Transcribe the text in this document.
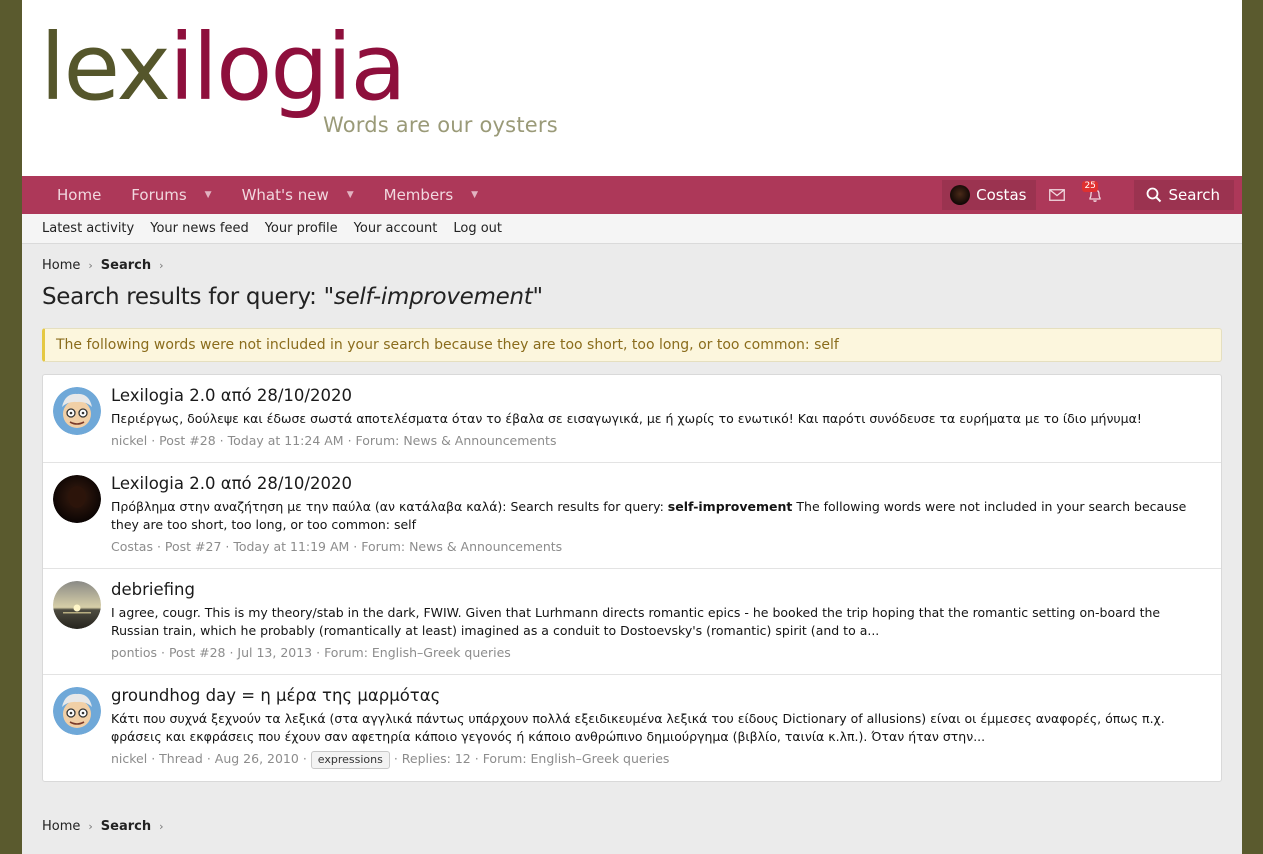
lexilogia
Words are our oysters
Home Forums ▼ What's new ▼ Members ▼	Costas	25	Search
Latest activity Your news feed Your profile Your account Log out
Home › Search ›
Search results for query: "self-improvement"
The following words were not included in your search because they are too short, too long, or too common: self
Lexilogia 2.0 από 28/10/2020
Περιέργως, δούλεψε και έδωσε σωστά αποτελέσματα όταν το έβαλα σε εισαγωγικά, με ή χωρίς το ενωτικό! Και παρότι συνόδευσε τα ευρήματα με το ίδιο μήνυμα!
nickel · Post #28 · Today at 11:24 AM · Forum: News & Announcements
Lexilogia 2.0 από 28/10/2020
Πρόβλημα στην αναζήτηση με την παύλα (αν κατάλαβα καλά): Search results for query: self-improvement The following words were not included in your search because they are too short, too long, or too common: self
Costas · Post #27 · Today at 11:19 AM · Forum: News & Announcements
debriefing
I agree, cougr. This is my theory/stab in the dark, FWIW. Given that Lurhmann directs romantic epics - he booked the trip hoping that the romantic setting on-board the Russian train, which he probably (romantically at least) imagined as a conduit to Dostoevsky's (romantic) spirit (and to a...
pontios · Post #28 · Jul 13, 2013 · Forum: English–Greek queries
groundhog day = η μέρα της μαρμότας
Κάτι που συχνά ξεχνούν τα λεξικά (στα αγγλικά πάντως υπάρχουν πολλά εξειδικευμένα λεξικά του είδους Dictionary of allusions) είναι οι έμμεσες αναφορές, όπως π.χ. φράσεις και εκφράσεις που έχουν σαν αφετηρία κάποιο γεγονός ή κάποιο ανθρώπινο δημιούργημα (βιβλίο, ταινία κ.λπ.). Όταν ήταν στην...
nickel · Thread · Aug 26, 2010 · expressions · Replies: 12 · Forum: English–Greek queries
Home › Search ›
